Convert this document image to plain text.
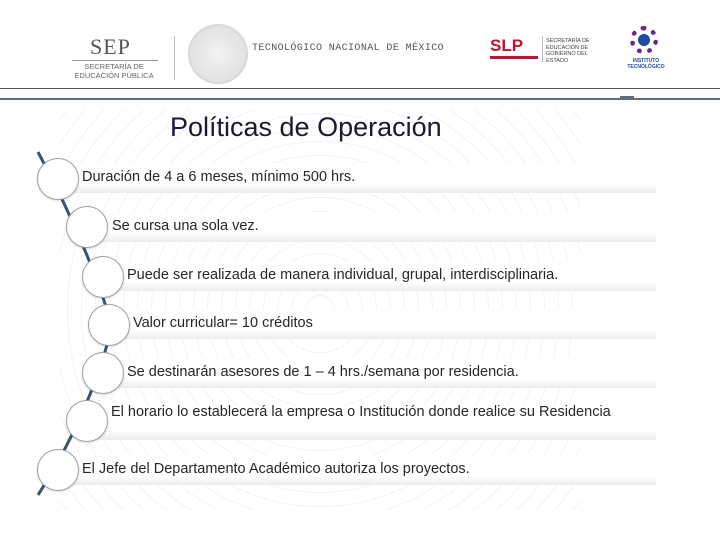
SEP
SECRETARÍA DE
EDUCACIÓN PÚBLICA
TECNOLÓGICO NACIONAL DE MÉXICO	SLP	SECRETARÍA DE EDUCACIÓN DE GOBIERNO DEL ESTADO	INSTITUTO TECNOLÓGICO
Políticas de Operación
Duración de 4 a 6 meses, mínimo 500 hrs.
Se cursa una sola vez.
Puede ser realizada de manera individual, grupal, interdisciplinaria.
Valor curricular= 10 créditos
Se destinarán asesores de 1 – 4 hrs./semana por residencia.
El horario lo establecerá la empresa o Institución donde realice su Residencia
El Jefe del Departamento Académico autoriza los proyectos.
